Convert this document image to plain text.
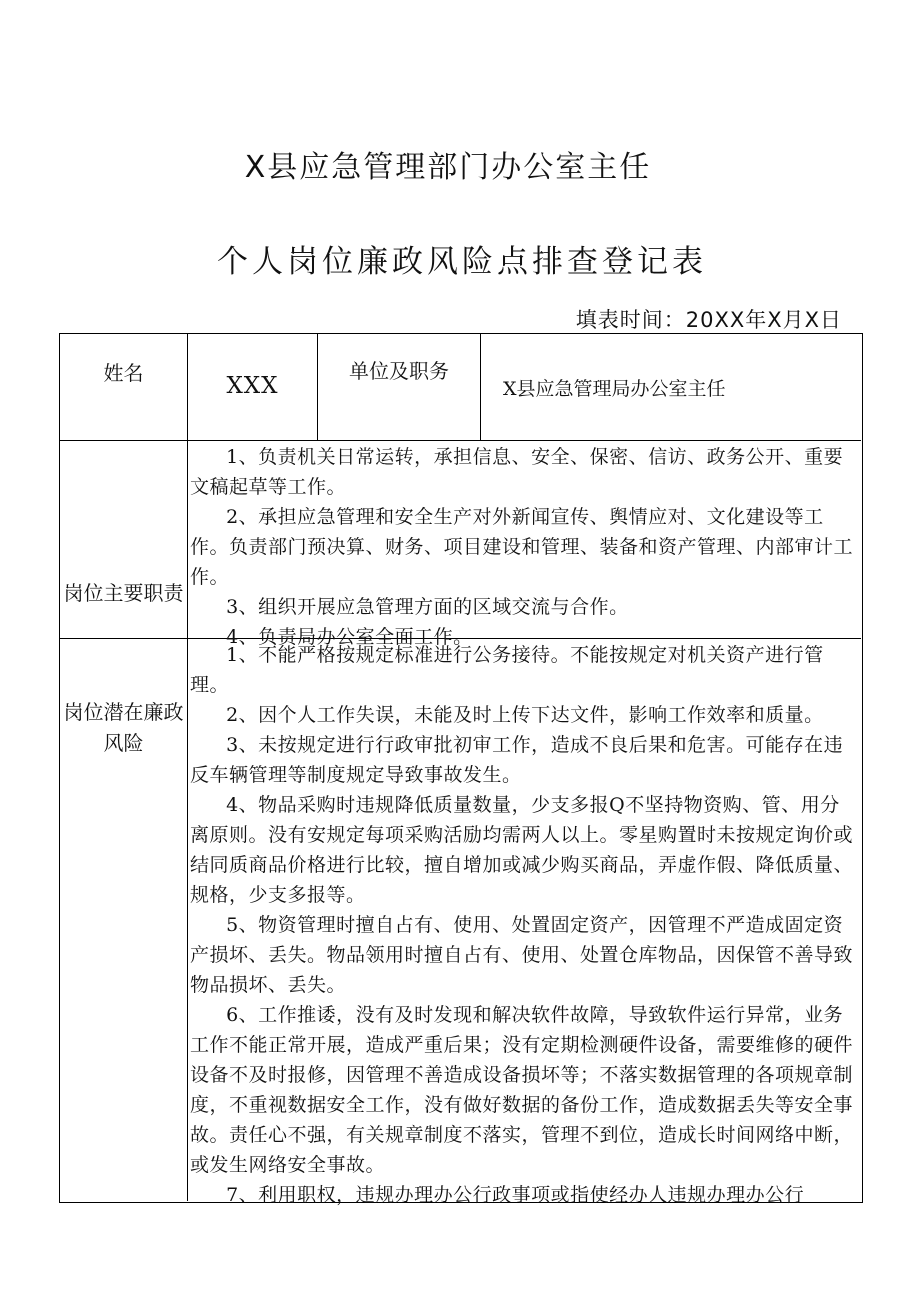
X县应急管理部门办公室主任
个人岗位廉政风险点排查登记表
填表时间：20XX年X月X日
姓名	XXX
单位及职务
X县应急管理局办公室主任
岗位主要职责

1、负责机关日常运转，承担信息、安全、保密、信访、政务公开、重要文稿起草等工作。

2、承担应急管理和安全生产对外新闻宣传、舆情应对、文化建设等工作。负责部门预决算、财务、项目建设和管理、装备和资产管理、内部审计工作。

3、组织开展应急管理方面的区域交流与合作。

4、负责局办公室全面工作。

岗位潜在廉政风险

1、不能严格按规定标准进行公务接待。不能按规定对机关资产进行管理。

2、因个人工作失误，未能及时上传下达文件，影响工作效率和质量。

3、未按规定进行行政审批初审工作，造成不良后果和危害。可能存在违反车辆管理等制度规定导致事故发生。

4、物品采购时违规降低质量数量，少支多报Q不坚持物资购、管、用分离原则。没有安规定每项采购活励均需两人以上。零星购置时未按规定询价或结同质商品价格进行比较，擅自增加或减少购买商品，弄虚作假、降低质量、规格，少支多报等。

5、物资管理时擅自占有、使用、处置固定资产，因管理不严造成固定资产损坏、丢失。物品领用时擅自占有、使用、处置仓库物品，因保管不善导致物品损坏、丢失。

6、工作推诿，没有及时发现和解决软件故障，导致软件运行异常，业务工作不能正常开展，造成严重后果；没有定期检测硬件设备，需要维修的硬件设备不及时报修，因管理不善造成设备损坏等；不落实数据管理的各项规章制度，不重视数据安全工作，没有做好数据的备份工作，造成数据丢失等安全事故。责任心不强，有关规章制度不落实，管理不到位，造成长时间网络中断，或发生网络安全事故。

7、利用职权，违规办理办公行政事项或指使经办人违规办理办公行
